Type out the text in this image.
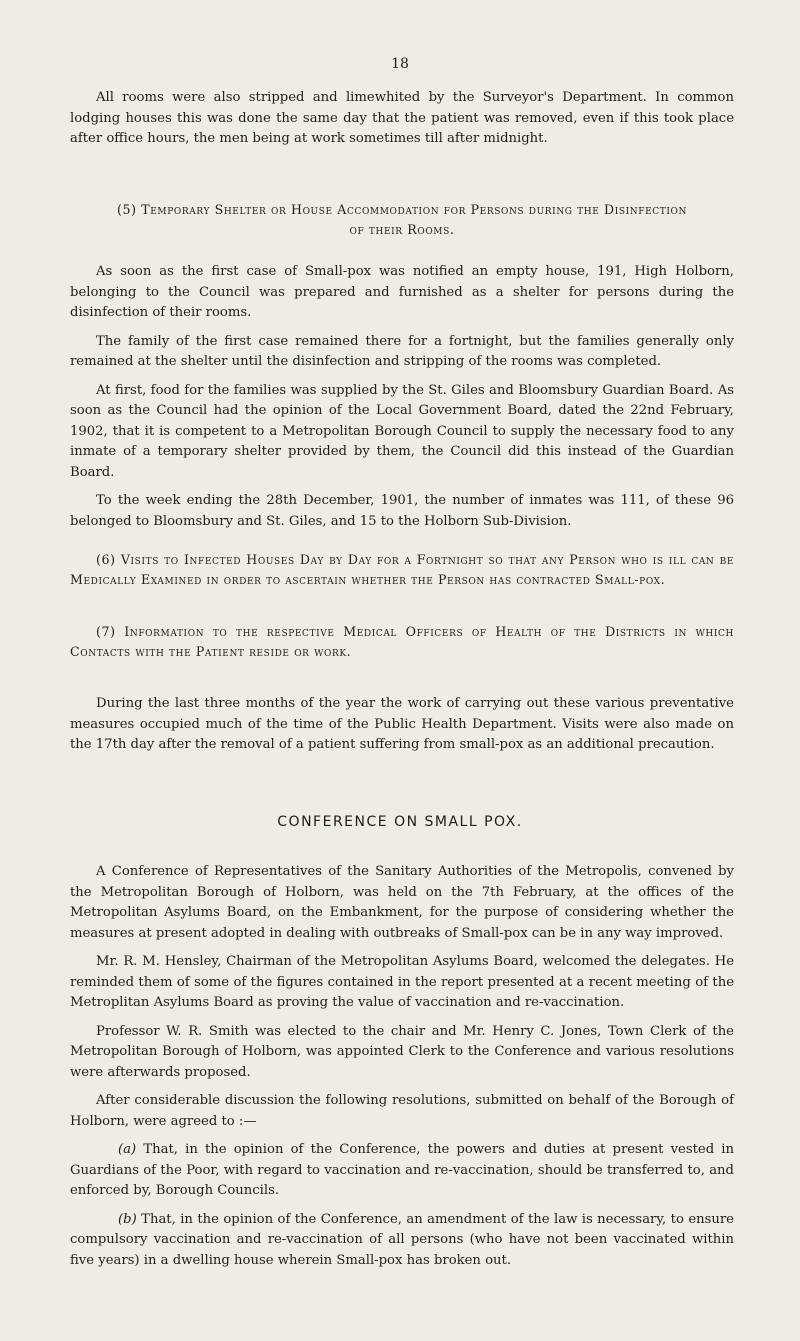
18

All rooms were also stripped and limewhited by the Surveyor's Department. In common lodging houses this was done the same day that the patient was removed, even if this took place after office hours, the men being at work sometimes till after midnight.

(5) Temporary Shelter or House Accommodation for Persons during the Disinfection
of their Rooms.

As soon as the first case of Small-pox was notified an empty house, 191, High Holborn, belonging to the Council was prepared and furnished as a shelter for persons during the disinfection of their rooms.

The family of the first case remained there for a fortnight, but the families generally only remained at the shelter until the disinfection and stripping of the rooms was completed.

At first, food for the families was supplied by the St. Giles and Bloomsbury Guardian Board. As soon as the Council had the opinion of the Local Government Board, dated the 22nd February, 1902, that it is competent to a Metropolitan Borough Council to supply the necessary food to any inmate of a temporary shelter provided by them, the Council did this instead of the Guardian Board.

To the week ending the 28th December, 1901, the number of inmates was 111, of these 96 belonged to Bloomsbury and St. Giles, and 15 to the Holborn Sub-Division.

(6) Visits to Infected Houses Day by Day for a Fortnight so that any Person who is ill can be Medically Examined in order to ascertain whether the Person has contracted Small-pox.
(7) Information to the respective Medical Officers of Health of the Districts in which Contacts with the Patient reside or work.

During the last three months of the year the work of carrying out these various preventative measures occupied much of the time of the Public Health Department. Visits were also made on the 17th day after the removal of a patient suffering from small-pox as an additional precaution.

CONFERENCE ON SMALL POX.

A Conference of Representatives of the Sanitary Authorities of the Metropolis, convened by the Metropolitan Borough of Holborn, was held on the 7th February, at the offices of the Metropolitan Asylums Board, on the Embankment, for the purpose of considering whether the measures at present adopted in dealing with outbreaks of Small-pox can be in any way improved.

Mr. R. M. Hensley, Chairman of the Metropolitan Asylums Board, welcomed the delegates. He reminded them of some of the figures contained in the report presented at a recent meeting of the Metroplitan Asylums Board as proving the value of vaccination and re-vaccination.

Professor W. R. Smith was elected to the chair and Mr. Henry C. Jones, Town Clerk of the Metropolitan Borough of Holborn, was appointed Clerk to the Conference and various resolutions were afterwards proposed.

After considerable discussion the following resolutions, submitted on behalf of the Borough of Holborn, were agreed to :—

(a) That, in the opinion of the Conference, the powers and duties at present vested in Guardians of the Poor, with regard to vaccination and re-vaccination, should be transferred to, and enforced by, Borough Councils.

(b) That, in the opinion of the Conference, an amendment of the law is necessary, to ensure compulsory vaccination and re-vaccination of all persons (who have not been vaccinated within five years) in a dwelling house wherein Small-pox has broken out.
